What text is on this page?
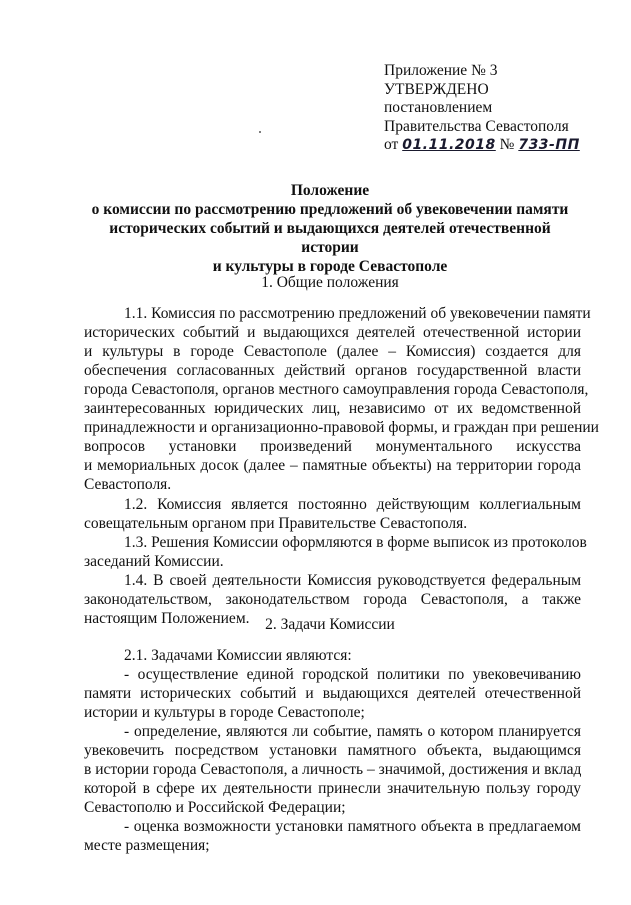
Приложение № 3
УТВЕРЖДЕНО
постановлением
Правительства Севастополя
от 01.11.2018 № 733-ПП
Положение
о комиссии по рассмотрению предложений об увековечении памяти
исторических событий и выдающихся деятелей отечественной истории
и культуры в городе Севастополе
1. Общие положения
1.1. Комиссия по рассмотрению предложений об увековечении памяти
исторических событий и выдающихся деятелей отечественной истории
и культуры в городе Севастополе (далее – Комиссия) создается для
обеспечения согласованных действий органов государственной власти
города Севастополя, органов местного самоуправления города Севастополя,
заинтересованных юридических лиц, независимо от их ведомственной
принадлежности и организационно-правовой формы, и граждан при решении
вопросов установки произведений монументального искусства
и мемориальных досок (далее – памятные объекты) на территории города
Севастополя.
1.2. Комиссия является постоянно действующим коллегиальным
совещательным органом при Правительстве Севастополя.
1.3. Решения Комиссии оформляются в форме выписок из протоколов
заседаний Комиссии.
1.4. В своей деятельности Комиссия руководствуется федеральным
законодательством, законодательством города Севастополя, а также
настоящим Положением.	2. Задачи Комиссии
2.1. Задачами Комиссии являются:
- осуществление единой городской политики по увековечиванию
памяти исторических событий и выдающихся деятелей отечественной
истории и культуры в городе Севастополе;
- определение, являются ли событие, память о котором планируется
увековечить посредством установки памятного объекта, выдающимся
в истории города Севастополя, а личность – значимой, достижения и вклад
которой в сфере их деятельности принесли значительную пользу городу
Севастополю и Российской Федерации;
- оценка возможности установки памятного объекта в предлагаемом
месте размещения;
